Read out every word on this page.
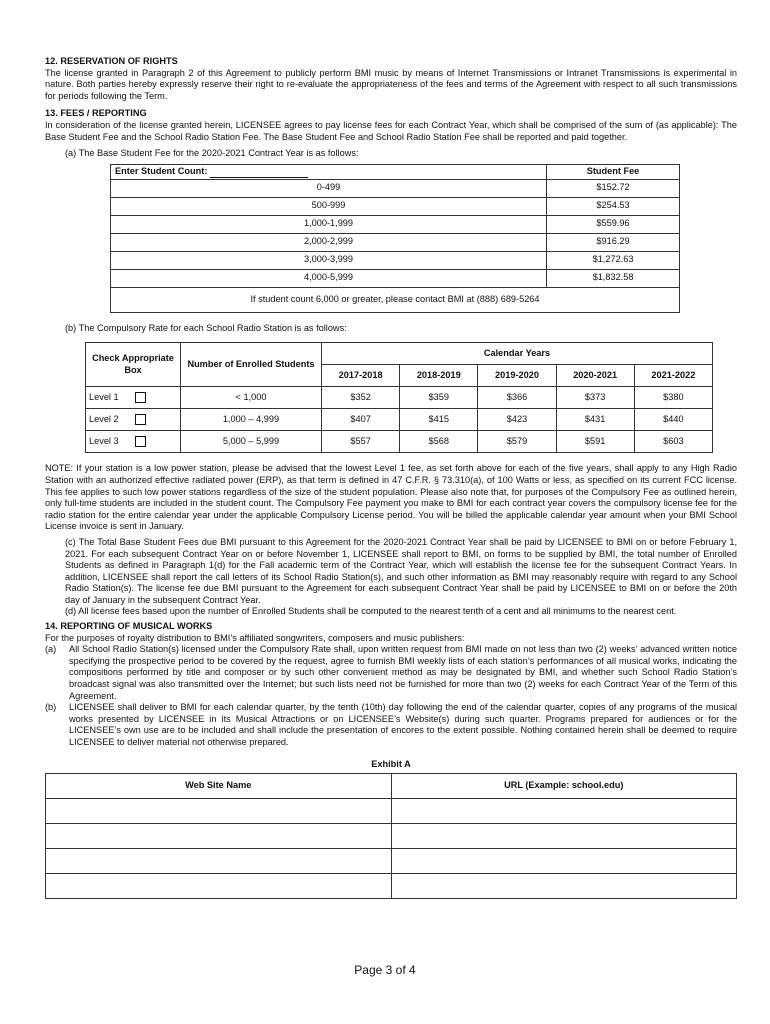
12. RESERVATION OF RIGHTS

The license granted in Paragraph 2 of this Agreement to publicly perform BMI music by means of Internet Transmissions or Intranet Transmissions is experimental in nature. Both parties hereby expressly reserve their right to re-evaluate the appropriateness of the fees and terms of the Agreement with respect to all such transmissions for periods following the Term.

13. FEES / REPORTING

In consideration of the license granted herein, LICENSEE agrees to pay license fees for each Contract Year, which shall be comprised of the sum of (as applicable): The Base Student Fee and the School Radio Station Fee. The Base Student Fee and School Radio Station Fee shall be reported and paid together.

(a) The Base Student Fee for the 2020-2021 Contract Year is as follows:

Enter Student Count:	Student Fee
0-499	$152.72
500-999	$254.53
1,000-1,999	$559.96
2,000-2,999	$916.29
3,000-3,999	$1,272.63
4,000-5,999	$1,832.58
If student count 6,000 or greater, please contact BMI at (888) 689-5264	

(b) The Compulsory Rate for each School Radio Station is as follows:

Check Appropriate Box	Number of Enrolled Students	Calendar Years				
		2017-2018	2018-2019	2019-2020	2020-2021	2021-2022
Level 1	< 1,000	$352	$359	$366	$373	$380
Level 2	1,000 – 4,999	$407	$415	$423	$431	$440
Level 3	5,000 – 5,999	$557	$568	$579	$591	$603

NOTE: If your station is a low power station, please be advised that the lowest Level 1 fee, as set forth above for each of the five years, shall apply to any High Radio Station with an authorized effective radiated power (ERP), as that term is defined in 47 C.F.R. § 73.310(a), of 100 Watts or less, as specified on its current FCC license. This fee applies to such low power stations regardless of the size of the student population. Please also note that, for purposes of the Compulsory Fee as outlined herein, only full-time students are included in the student count. The Compulsory Fee payment you make to BMI for each contract year covers the compulsory license fee for the radio station for the entire calendar year under the applicable Compulsory License period. You will be billed the applicable calendar year amount when your BMI School License invoice is sent in January.

(c) The Total Base Student Fees due BMI pursuant to this Agreement for the 2020-2021 Contract Year shall be paid by LICENSEE to BMI on or before February 1, 2021. For each subsequent Contract Year on or before November 1, LICENSEE shall report to BMI, on forms to be supplied by BMI, the total number of Enrolled Students as defined in Paragraph 1(d) for the Fall academic term of the Contract Year, which will establish the license fee for the subsequent Contract Years. In addition, LICENSEE shall report the call letters of its School Radio Station(s), and such other information as BMI may reasonably require with regard to any School Radio Station(s). The license fee due BMI pursuant to the Agreement for each subsequent Contract Year shall be paid by LICENSEE to BMI on or before the 20th day of January in the subsequent Contract Year.

(d) All license fees based upon the number of Enrolled Students shall be computed to the nearest tenth of a cent and all minimums to the nearest cent.

14. REPORTING OF MUSICAL WORKS

For the purposes of royalty distribution to BMI’s affiliated songwriters, composers and music publishers:

(a)	All School Radio Station(s) licensed under the Compulsory Rate shall, upon written request from BMI made on not less than two (2) weeks’ advanced written notice specifying the prospective period to be covered by the request, agree to furnish BMI weekly lists of each station’s performances of all musical works, indicating the compositions performed by title and composer or by such other convenient method as may be designated by BMI, and whether such School Radio Station’s broadcast signal was also transmitted over the Internet; but such lists need not be furnished for more than two (2) weeks for each Contract Year of the Term of this Agreement.
(b)	LICENSEE shall deliver to BMI for each calendar quarter, by the tenth (10th) day following the end of the calendar quarter, copies of any programs of the musical works presented by LICENSEE in its Musical Attractions or on LICENSEE’s Website(s) during such quarter. Programs prepared for audiences or for the LICENSEE’s own use are to be included and shall include the presentation of encores to the extent possible. Nothing contained herein shall be deemed to require LICENSEE to deliver material not otherwise prepared.

Exhibit A

Web Site Name	URL (Example: school.edu)

Page 3 of 4
